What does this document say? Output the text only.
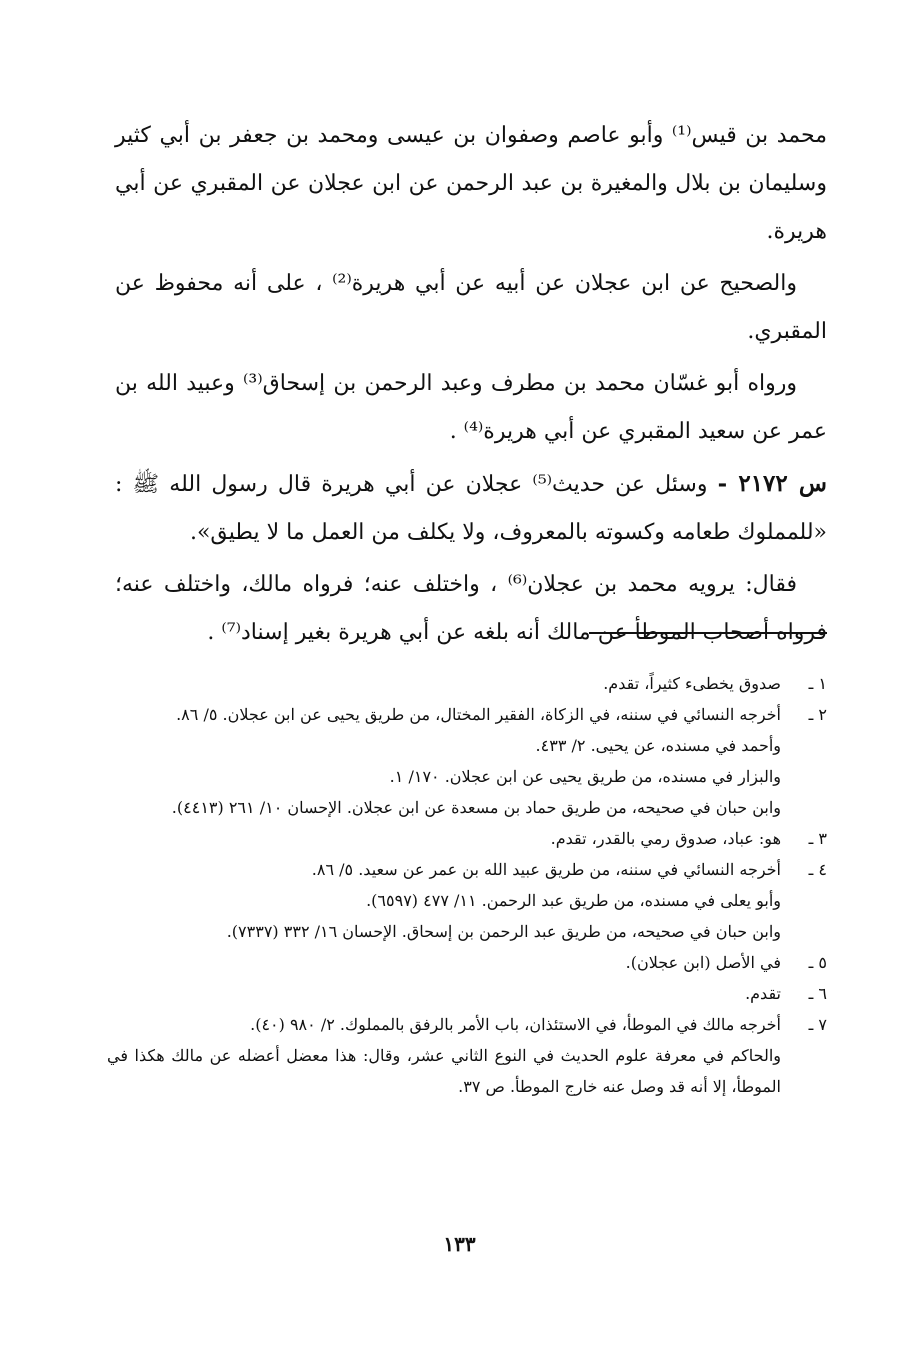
محمد بن قيس⁽¹⁾ وأبو عاصم وصفوان بن عيسى ومحمد بن جعفر بن أبي كثير وسليمان بن بلال والمغيرة بن عبد الرحمن عن ابن عجلان عن المقبري عن أبي هريرة.

والصحيح عن ابن عجلان عن أبيه عن أبي هريرة⁽²⁾ ، على أنه محفوظ عن المقبري.

ورواه أبو غسّان محمد بن مطرف وعبد الرحمن بن إسحاق⁽³⁾ وعبيد الله بن عمر عن سعيد المقبري عن أبي هريرة⁽⁴⁾ .

س ٢١٧٢ - وسئل عن حديث⁽⁵⁾ عجلان عن أبي هريرة قال رسول الله ﷺ : «للمملوك طعامه وكسوته بالمعروف، ولا يكلف من العمل ما لا يطيق».

فقال: يرويه محمد بن عجلان⁽⁶⁾ ، واختلف عنه؛ فرواه مالك، واختلف عنه؛ فرواه أصحاب الموطأ عن مالك أنه بلغه عن أبي هريرة بغير إسناد⁽⁷⁾ .

١ ـ
صدوق يخطىء كثيراً، تقدم.
٢ ـ
أخرجه النسائي في سننه، في الزكاة، الفقير المختال، من طريق يحيى عن ابن عجلان. ٥/ ٨٦.
وأحمد في مسنده، عن يحيى. ٢/ ٤٣٣.
والبزار في مسنده، من طريق يحيى عن ابن عجلان. ١٧٠/ ١.
وابن حبان في صحيحه، من طريق حماد بن مسعدة عن ابن عجلان. الإحسان ١٠/ ٢٦١ (٤٤١٣).
٣ ـ
هو: عباد، صدوق رمي بالقدر، تقدم.
٤ ـ
أخرجه النسائي في سننه، من طريق عبيد الله بن عمر عن سعيد. ٥/ ٨٦.
وأبو يعلى في مسنده، من طريق عبد الرحمن. ١١/ ٤٧٧ (٦٥٩٧).
وابن حبان في صحيحه، من طريق عبد الرحمن بن إسحاق. الإحسان ١٦/ ٣٣٢ (٧٣٣٧).
٥ ـ
في الأصل (ابن عجلان).
٦ ـ
تقدم.
٧ ـ
أخرجه مالك في الموطأ، في الاستئذان، باب الأمر بالرفق بالمملوك. ٢/ ٩٨٠ (٤٠).
والحاكم في معرفة علوم الحديث في النوع الثاني عشر، وقال: هذا معضل أعضله عن مالك هكذا في الموطأ، إلا أنه قد وصل عنه خارج الموطأ. ص ٣٧.
١٣٣
